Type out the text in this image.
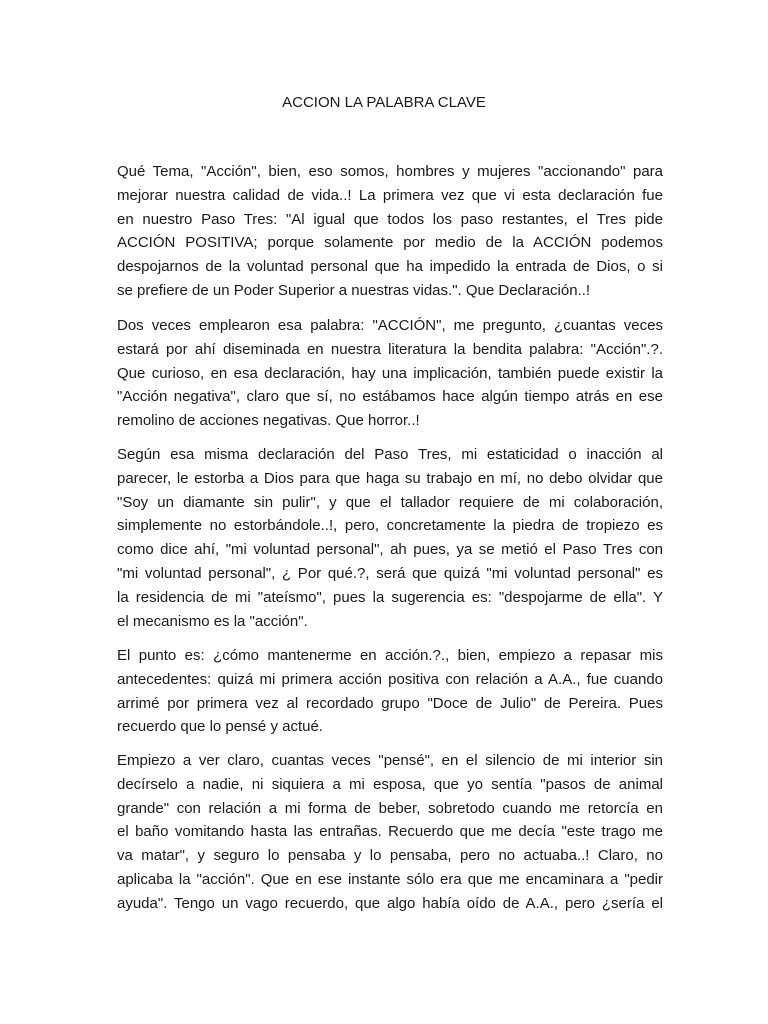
ACCION LA PALABRA CLAVE
Qué Tema, "Acción", bien, eso somos, hombres y mujeres "accionando" para
mejorar nuestra calidad de vida..! La primera vez que vi esta declaración fue
en nuestro Paso Tres: "Al igual que todos los paso restantes, el Tres pide
ACCIÓN POSITIVA; porque solamente por medio de la ACCIÓN podemos
despojarnos de la voluntad personal que ha impedido la entrada de Dios, o si
se prefiere de un Poder Superior a nuestras vidas.". Que Declaración..!
Dos veces emplearon esa palabra: "ACCIÓN", me pregunto, ¿cuantas veces
estará por ahí diseminada en nuestra literatura la bendita palabra: "Acción".?.
Que curioso, en esa declaración, hay una implicación, también puede existir la
"Acción negativa", claro que sí, no estábamos hace algún tiempo atrás en ese
remolino de acciones negativas. Que horror..!
Según esa misma declaración del Paso Tres, mi estaticidad o inacción al
parecer, le estorba a Dios para que haga su trabajo en mí, no debo olvidar que
"Soy un diamante sin pulir", y que el tallador requiere de mi colaboración,
simplemente no estorbándole..!, pero, concretamente la piedra de tropiezo es
como dice ahí, "mi voluntad personal", ah pues, ya se metió el Paso Tres con
"mi voluntad personal", ¿ Por qué.?, será que quizá "mi voluntad personal" es
la residencia de mi "ateísmo", pues la sugerencia es: "despojarme de ella". Y
el mecanismo es la "acción".
El punto es: ¿cómo mantenerme en acción.?., bien, empiezo a repasar mis
antecedentes: quizá mi primera acción positiva con relación a A.A., fue cuando
arrimé por primera vez al recordado grupo "Doce de Julio" de Pereira. Pues
recuerdo que lo pensé y actué.
Empiezo a ver claro, cuantas veces "pensé", en el silencio de mi interior sin
decírselo a nadie, ni siquiera a mi esposa, que yo sentía "pasos de animal
grande" con relación a mi forma de beber, sobretodo cuando me retorcía en
el baño vomitando hasta las entrañas. Recuerdo que me decía "este trago me
va matar", y seguro lo pensaba y lo pensaba, pero no actuaba..! Claro, no
aplicaba la "acción". Que en ese instante sólo era que me encaminara a "pedir
ayuda". Tengo un vago recuerdo, que algo había oído de A.A., pero ¿sería el
